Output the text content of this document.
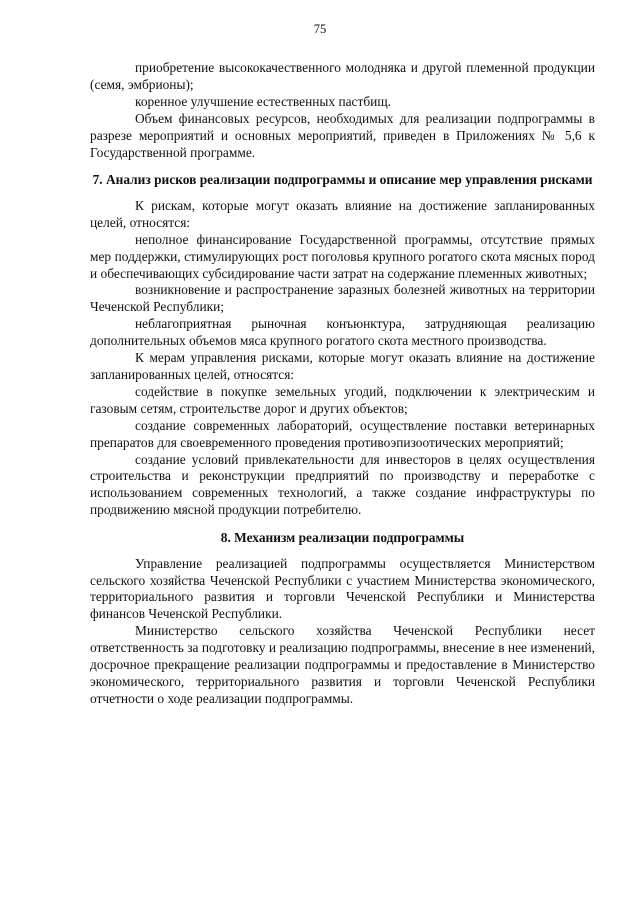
75

приобретение высококачественного молодняка и другой племенной продукции (семя, эмбрионы);

коренное улучшение естественных пастбищ.

Объем финансовых ресурсов, необходимых для реализации подпрограммы в разрезе мероприятий и основных мероприятий, приведен в Приложениях № 5,6 к Государственной программе.

7. Анализ рисков реализации подпрограммы и описание мер управления рисками

К рискам, которые могут оказать влияние на достижение запланированных целей, относятся:

неполное финансирование Государственной программы, отсутствие прямых мер поддержки, стимулирующих рост поголовья крупного рогатого скота мясных пород и обеспечивающих субсидирование части затрат на содержание племенных животных;

возникновение и распространение заразных болезней животных на территории Чеченской Республики;

неблагоприятная рыночная конъюнктура, затрудняющая реализацию дополнительных объемов мяса крупного рогатого скота местного производства.

К мерам управления рисками, которые могут оказать влияние на достижение запланированных целей, относятся:

содействие в покупке земельных угодий, подключении к электрическим и газовым сетям, строительстве дорог и других объектов;

создание современных лабораторий, осуществление поставки ветеринарных препаратов для своевременного проведения противоэпизоотических мероприятий;

создание условий привлекательности для инвесторов в целях осуществления строительства и реконструкции предприятий по производству и переработке с использованием современных технологий, а также создание инфраструктуры по продвижению мясной продукции потребителю.

8. Механизм реализации подпрограммы

Управление реализацией подпрограммы осуществляется Министерством сельского хозяйства Чеченской Республики с участием Министерства экономического, территориального развития и торговли Чеченской Республики и Министерства финансов Чеченской Республики.

Министерство сельского хозяйства Чеченской Республики несет ответственность за подготовку и реализацию подпрограммы, внесение в нее изменений, досрочное прекращение реализации подпрограммы и предоставление в Министерство экономического, территориального развития и торговли Чеченской Республики отчетности о ходе реализации подпрограммы.
